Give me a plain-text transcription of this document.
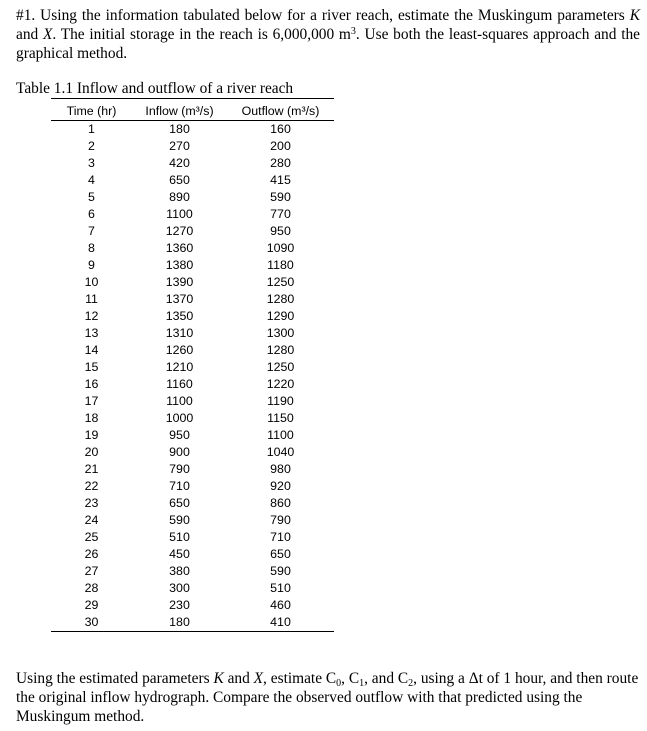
#1. Using the information tabulated below for a river reach, estimate the Muskingum parameters K and X. The initial storage in the reach is 6,000,000 $m^3$. Use both the least-squares approach and the graphical method.
Table 1.1 Inflow and outflow of a river reach
Time (hr)	Inflow (m³/s)	Outflow (m³/s)
1	180	160
2	270	200
3	420	280
4	650	415
5	890	590
6	1100	770
7	1270	950
8	1360	1090
9	1380	1180
10	1390	1250
11	1370	1280
12	1350	1290
13	1310	1300
14	1260	1280
15	1210	1250
16	1160	1220
17	1100	1190
18	1000	1150
19	950	1100
20	900	1040
21	790	980
22	710	920
23	650	860
24	590	790
25	510	710
26	450	650
27	380	590
28	300	510
29	230	460
30	180	410
Using the estimated parameters K and X, estimate $C_0$, $C_1$, and $C_2$, using a Δt of 1 hour, and then route the original inflow hydrograph. Compare the observed outflow with that predicted using the Muskingum method.
